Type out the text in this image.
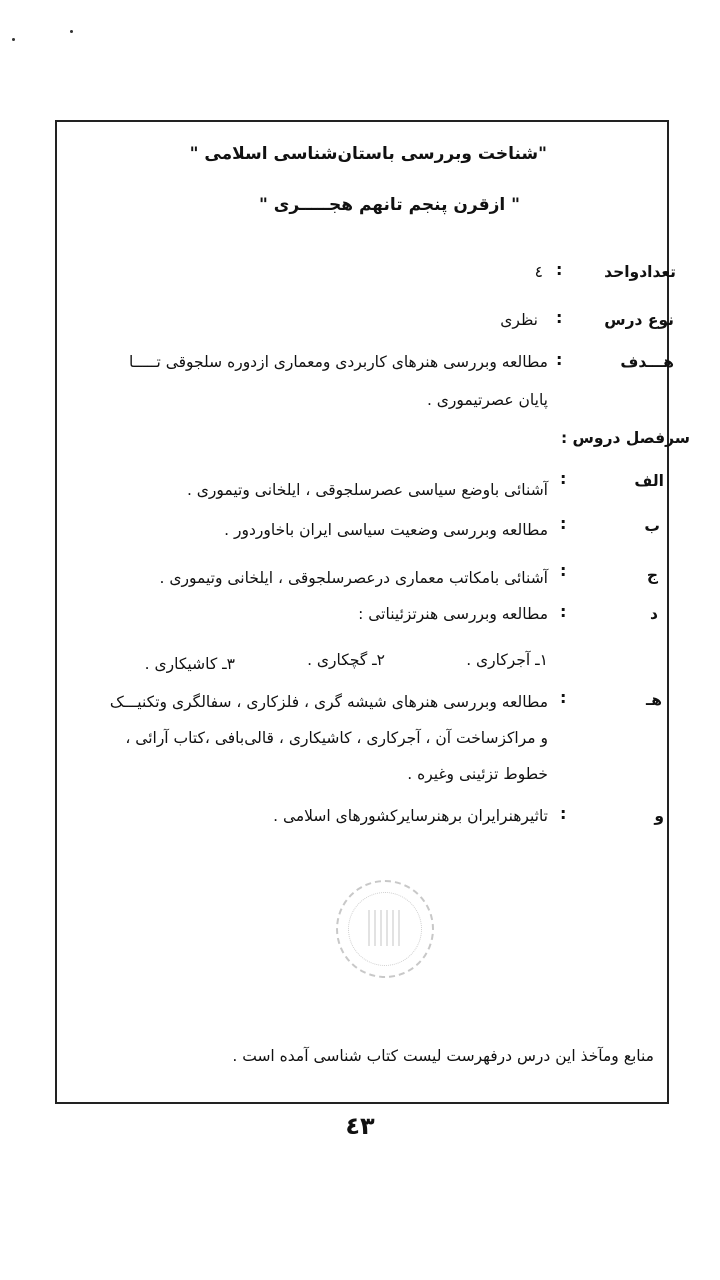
"شناخت وبررسی باستان‌شناسی اسلامی "
" ازقرن پنجم تانهم هجـــــری "
تعدادواحد
:
٤
نوع درس
:
نظری
هـــدف
:
مطالعه وبررسی هنرهای کاربردی ومعماری ازدوره سلجوقی تـــــا
پایان عصرتیموری .
سرفصل دروس :
الف
:
آشنائی باوضع سیاسی عصرسلجوقی ، ایلخانی وتیموری .
ب
:
مطالعه وبررسی وضعیت سیاسی ایران باخاوردور .
ج
:
آشنائی بامکاتب معماری درعصرسلجوقی ، ایلخانی وتیموری .
د
:
مطالعه وبررسی هنرتزئیناتی :
١ـ آجرکاری .
٢ـ گچکاری .
٣ـ کاشیکاری .
هـ
:
مطالعه وبررسی هنرهای شیشه گری ، فلزکاری ، سفالگری وتکنیـــک
و مراکزساخت آن ، آجرکاری ، کاشیکاری ، قالی‌بافی ،کتاب آرائی ،
خطوط تزئینی وغیره .
و
:
تاثیرهنرایران برهنرسایرکشورهای اسلامی .
منابع ومآخذ این درس درفهرست لیست کتاب شناسی آمده است .
٤٣
